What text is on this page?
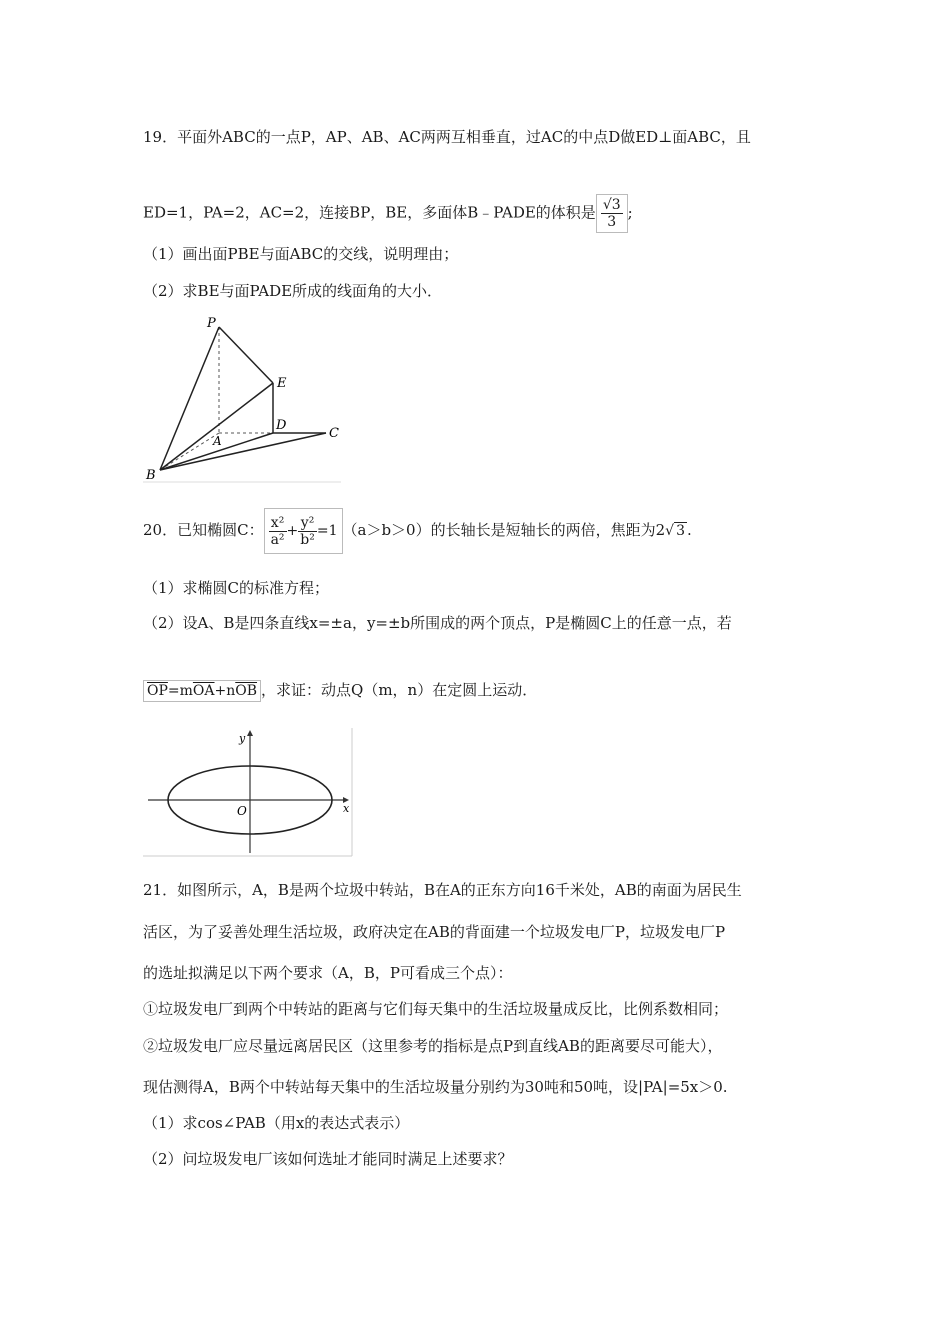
19．平面外ABC的一点P，AP、AB、AC两两互相垂直，过AC的中点D做ED⊥面ABC，且
ED=1，PA=2，AC=2，连接BP，BE，多面体B﹣PADE的体积是 $\frac{√3}{3}$ ;
（1）画出面PBE与面ABC的交线，说明理由；
（2）求BE与面PADE所成的线面角的大小．
P
E
D
A	C
B
20．已知椭圆C： $\frac{\text{x²}}{\text{a²}} + \frac{\text{y²}}{\text{b²}} =1$ （a＞b＞0）的长轴长是短轴长的两倍，焦距为2√ 3 .
（1）求椭圆C的标准方程；
（2）设A、B是四条直线x=±a，y=±b所围成的两个顶点，P是椭圆C上的任意一点，若
$\overline{OP}=m\overline{OA}+n\overline{OB}$ ，求证：动点Q（m，n）在定圆上运动．
y
x
O
21．如图所示，A，B是两个垃圾中转站，B在A的正东方向16千米处，AB的南面为居民生
活区，为了妥善处理生活垃圾，政府决定在AB的背面建一个垃圾发电厂P，垃圾发电厂P
的选址拟满足以下两个要求（A，B，P可看成三个点）：
①垃圾发电厂到两个中转站的距离与它们每天集中的生活垃圾量成反比，比例系数相同；
②垃圾发电厂应尽量远离居民区（这里参考的指标是点P到直线AB的距离要尽可能大），
现估测得A，B两个中转站每天集中的生活垃圾量分别约为30吨和50吨，设|PA|=5x＞0.
（1）求cos∠PAB（用x的表达式表示）
（2）问垃圾发电厂该如何选址才能同时满足上述要求？
